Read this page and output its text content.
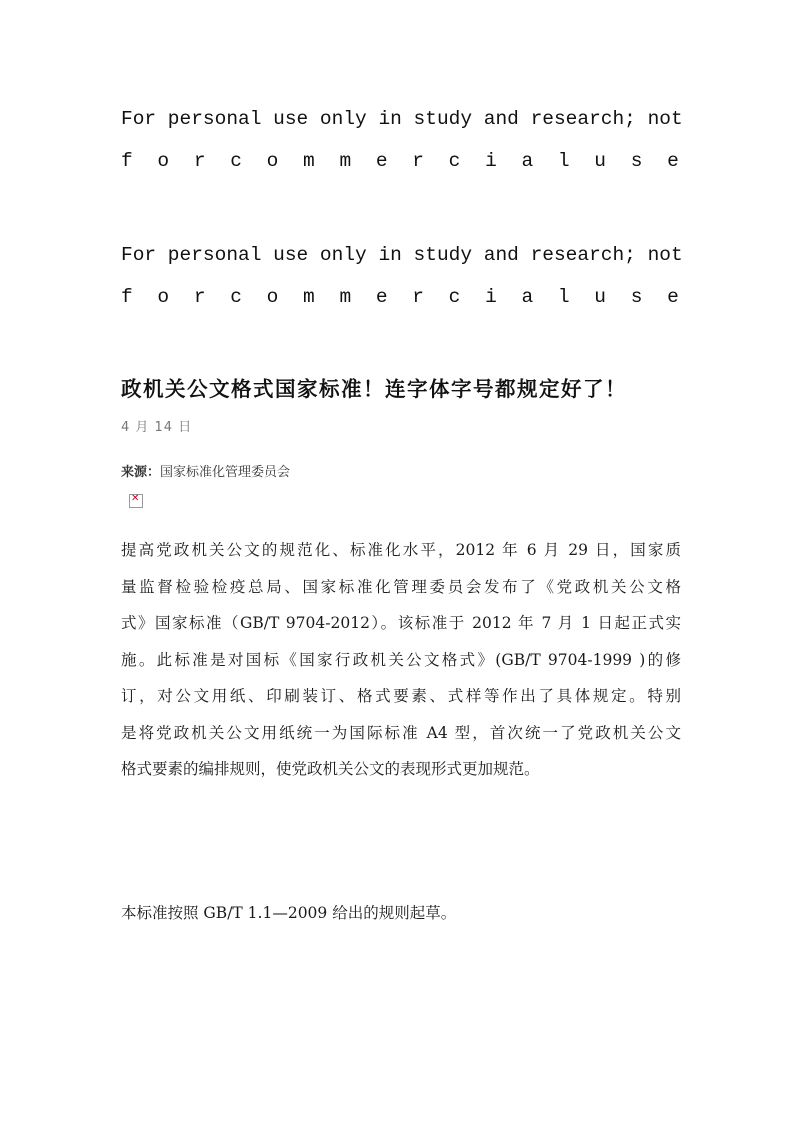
For personal use only in study and research; not
f o r c o m m e r c i a l u s e
For personal use only in study and research; not
f o r c o m m e r c i a l u s e
政机关公文格式国家标准！连字体字号都规定好了！
4 月 14 日
来源：国家标准化管理委员会
✕
提高党政机关公文的规范化、标准化水平，2012 年 6 月 29 日，国家质
量监督检验检疫总局、国家标准化管理委员会发布了《党政机关公文格
式》国家标准（GB/T 9704-2012）。该标准于 2012 年 7 月 1 日起正式实
施。此标准是对国标《国家行政机关公文格式》(GB/T 9704-1999 )的修
订，对公文用纸、印刷装订、格式要素、式样等作出了具体规定。特别
是将党政机关公文用纸统一为国际标准 A4 型，首次统一了党政机关公文
格式要素的编排规则，使党政机关公文的表现形式更加规范。
本标准按照 GB/T 1.1—2009 给出的规则起草。
